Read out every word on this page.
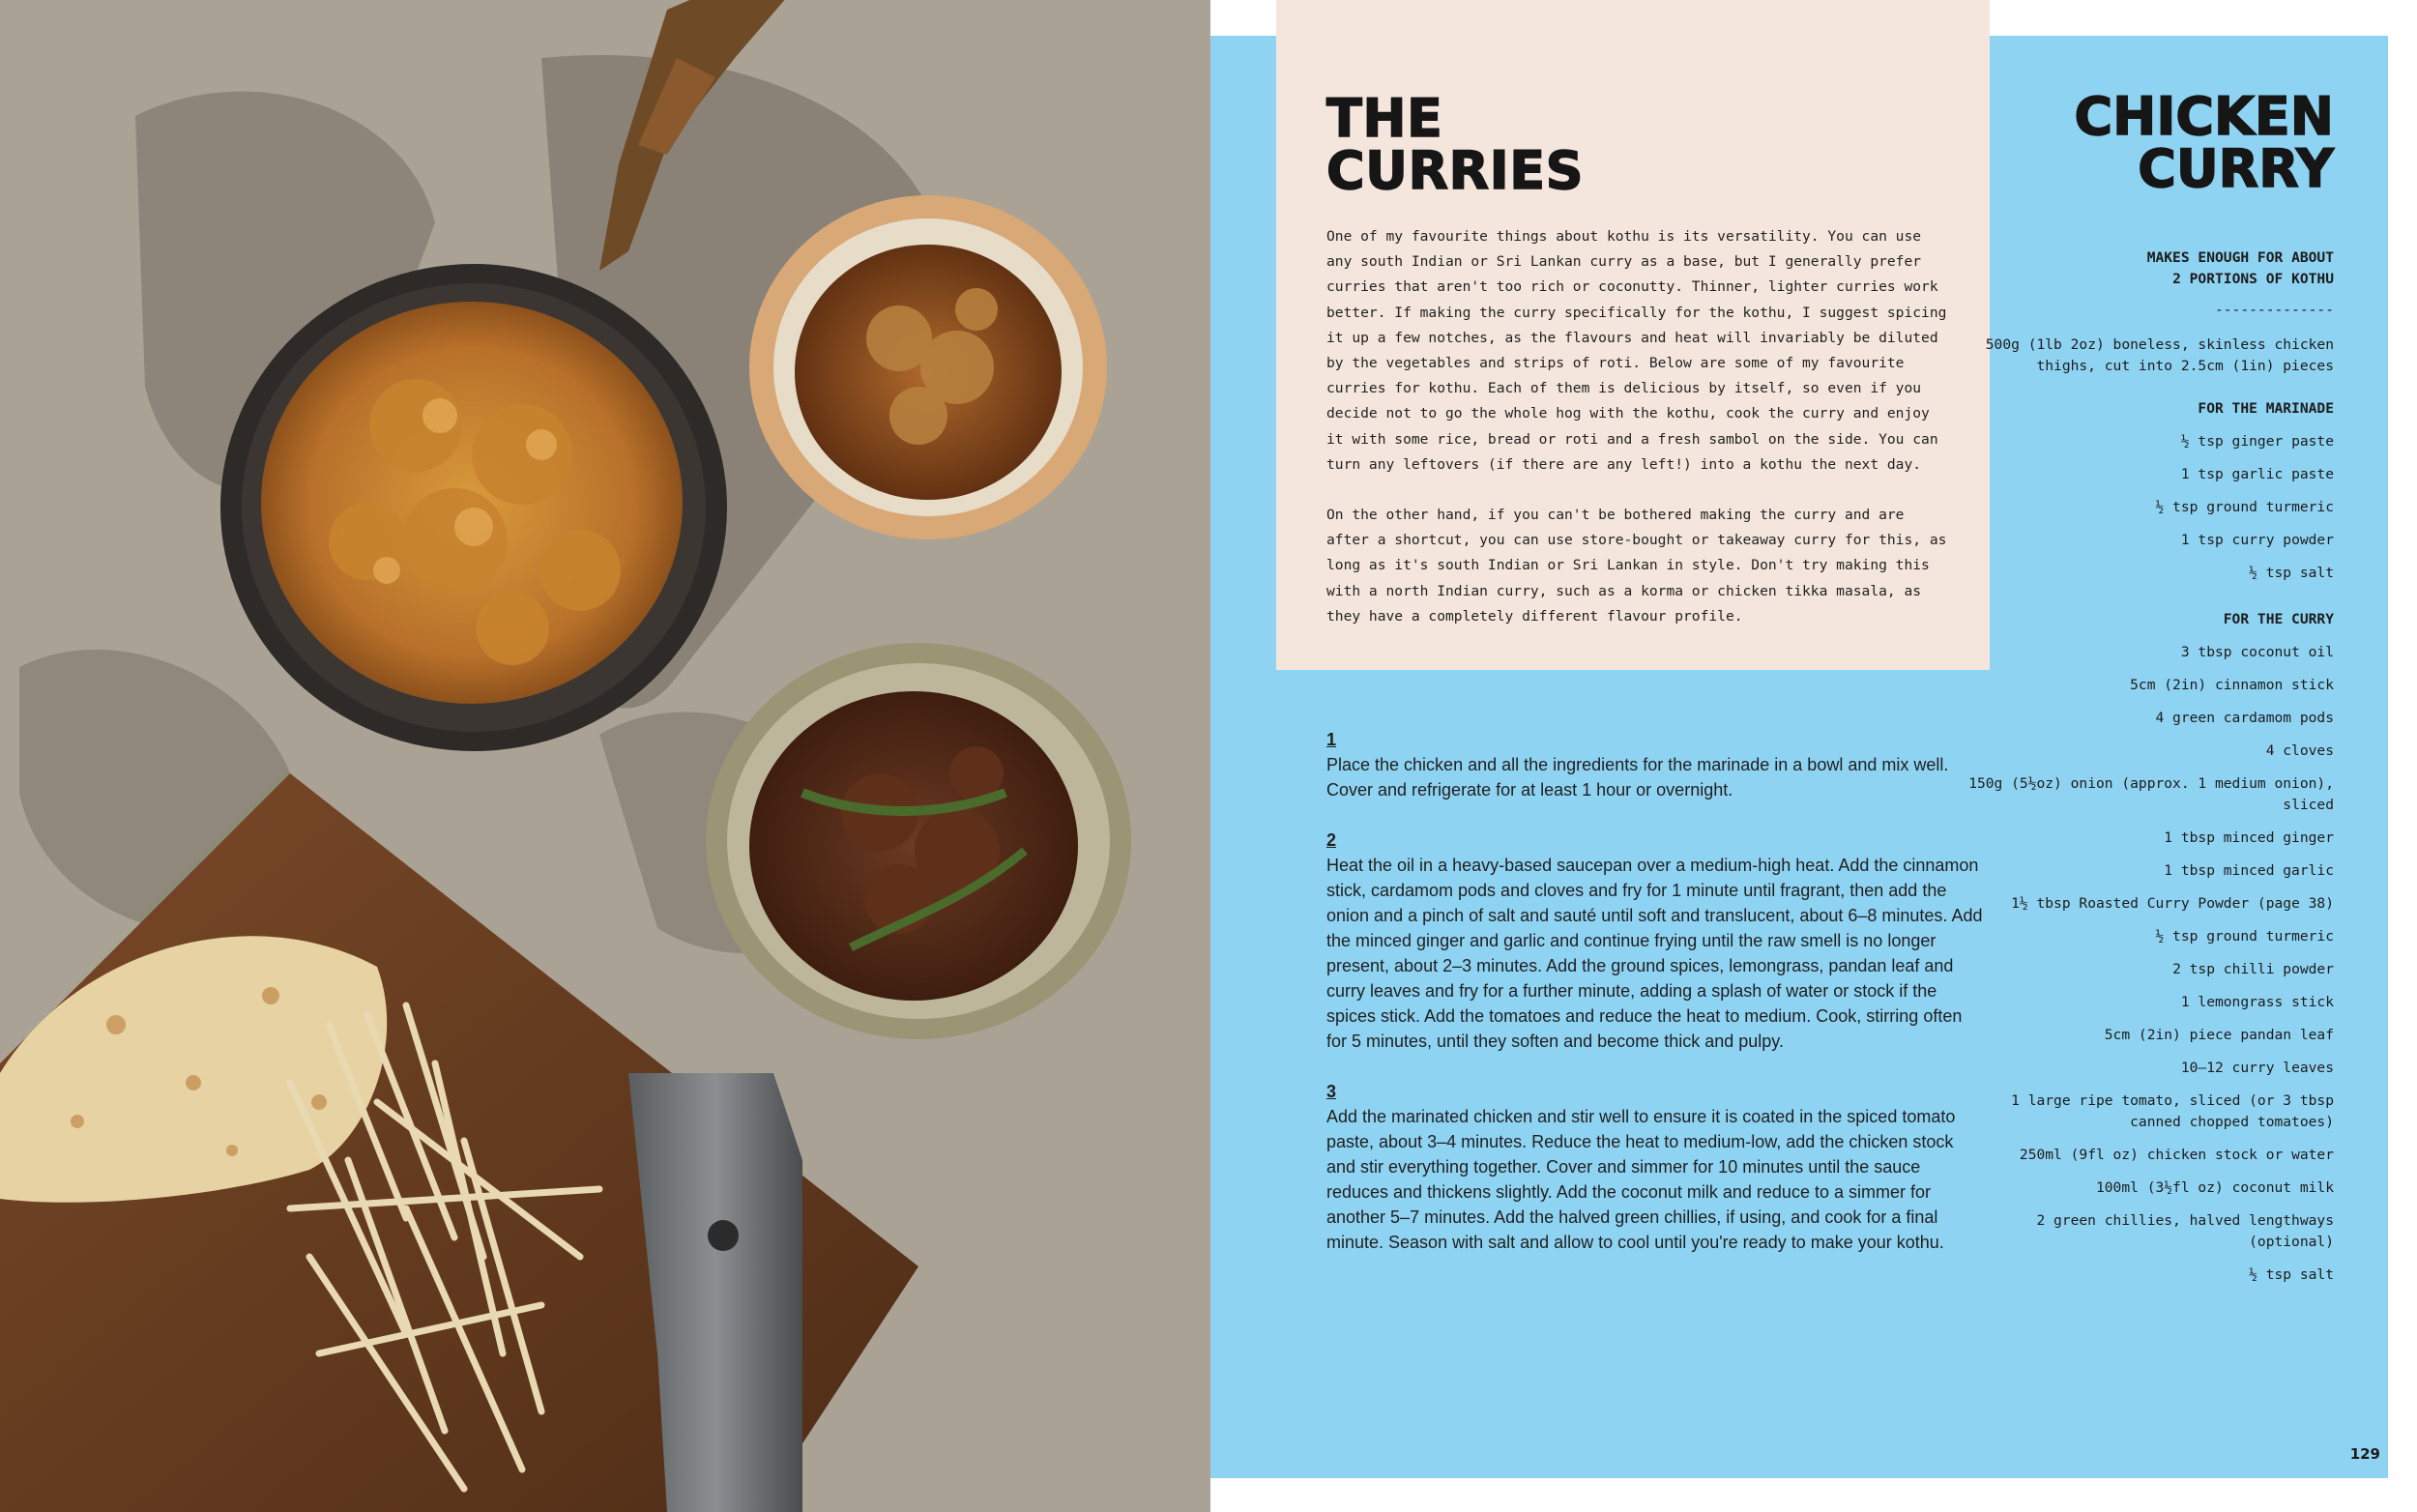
THE
CURRIES

One of my favourite things about kothu is its versatility. You can use any south Indian or Sri Lankan curry as a base, but I generally prefer curries that aren't too rich or coconutty. Thinner, lighter curries work better. If making the curry specifically for the kothu, I suggest spicing it up a few notches, as the flavours and heat will invariably be diluted by the vegetables and strips of roti. Below are some of my favourite curries for kothu. Each of them is delicious by itself, so even if you decide not to go the whole hog with the kothu, cook the curry and enjoy it with some rice, bread or roti and a fresh sambol on the side. You can turn any leftovers (if there are any left!) into a kothu the next day.

On the other hand, if you can't be bothered making the curry and are after a shortcut, you can use store-bought or takeaway curry for this, as long as it's south Indian or Sri Lankan in style. Don't try making this with a north Indian curry, such as a korma or chicken tikka masala, as they have a completely different flavour profile.

CHICKEN
CURRY

MAKES ENOUGH FOR ABOUT
2 PORTIONS OF KOTHU

--------------

500g (1lb 2oz) boneless, skinless chicken thighs, cut into 2.5cm (1in) pieces

FOR THE MARINADE

½ tsp ginger paste

1 tsp garlic paste

½ tsp ground turmeric

1 tsp curry powder

½ tsp salt

FOR THE CURRY

3 tbsp coconut oil

5cm (2in) cinnamon stick

4 green cardamom pods

4 cloves

150g (5½oz) onion (approx. 1 medium onion), sliced

1 tbsp minced ginger

1 tbsp minced garlic

1½ tbsp Roasted Curry Powder (page 38)

½ tsp ground turmeric

2 tsp chilli powder

1 lemongrass stick

5cm (2in) piece pandan leaf

10–12 curry leaves

1 large ripe tomato, sliced (or 3 tbsp canned chopped tomatoes)

250ml (9fl oz) chicken stock or water

100ml (3½fl oz) coconut milk

2 green chillies, halved lengthways (optional)

½ tsp salt

1
Place the chicken and all the ingredients for the marinade in a bowl and mix well. Cover and refrigerate for at least 1 hour or overnight.
2
Heat the oil in a heavy-based saucepan over a medium-high heat. Add the cinnamon stick, cardamom pods and cloves and fry for 1 minute until fragrant, then add the onion and a pinch of salt and sauté until soft and translucent, about 6–8 minutes. Add the minced ginger and garlic and continue frying until the raw smell is no longer present, about 2–3 minutes. Add the ground spices, lemongrass, pandan leaf and curry leaves and fry for a further minute, adding a splash of water or stock if the spices stick. Add the tomatoes and reduce the heat to medium. Cook, stirring often for 5 minutes, until they soften and become thick and pulpy.
3
Add the marinated chicken and stir well to ensure it is coated in the spiced tomato paste, about 3–4 minutes. Reduce the heat to medium-low, add the chicken stock and stir everything together. Cover and simmer for 10 minutes until the sauce reduces and thickens slightly. Add the coconut milk and reduce to a simmer for another 5–7 minutes. Add the halved green chillies, if using, and cook for a final minute. Season with salt and allow to cool until you're ready to make your kothu.
129
